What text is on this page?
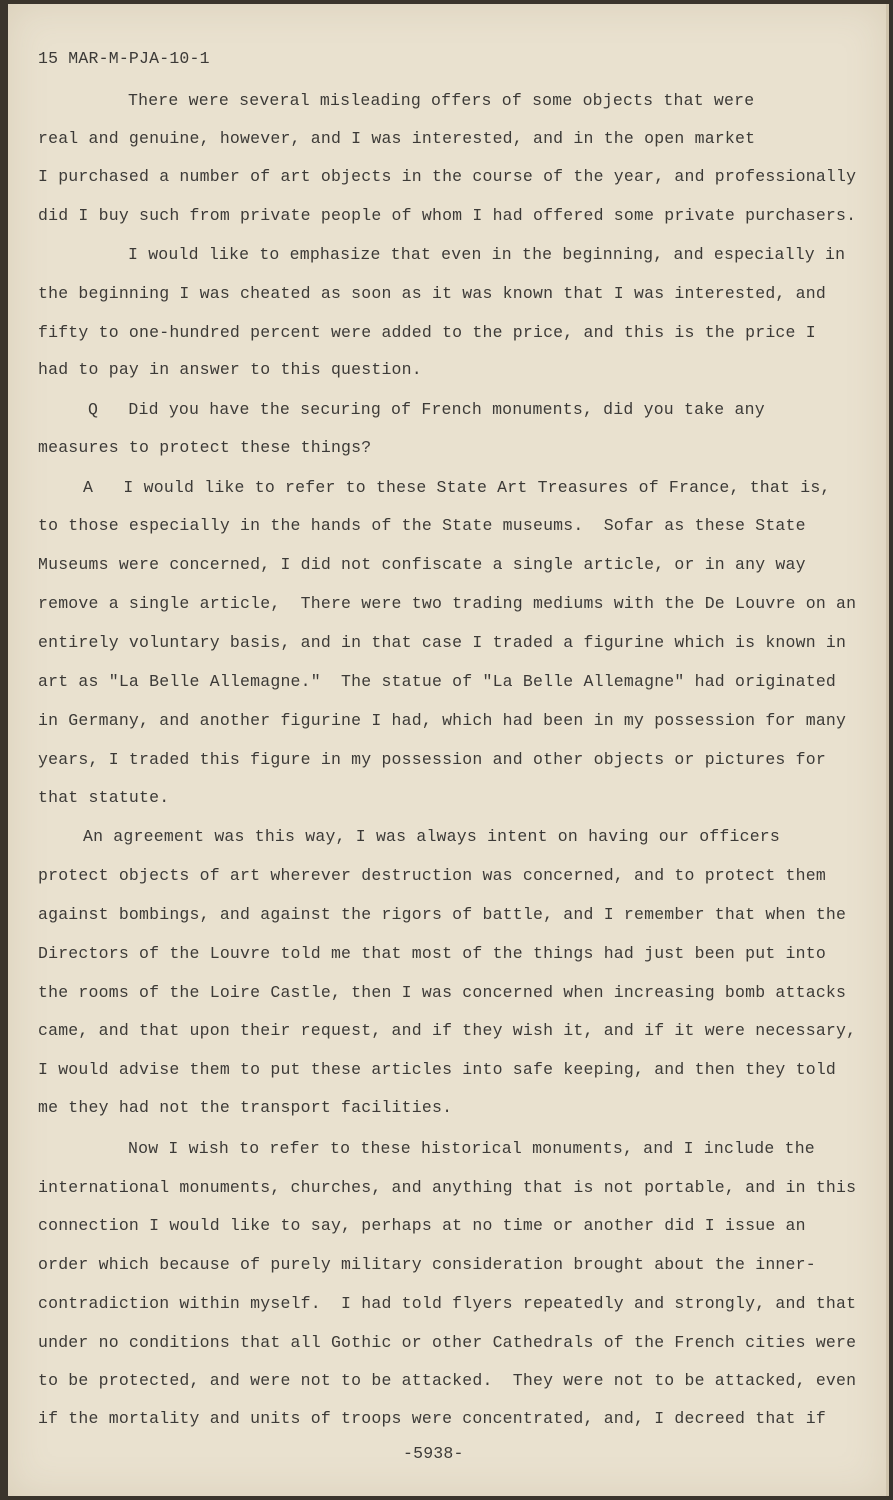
15 MAR-M-PJA-10-1
There were several misleading offers of some objects that were
real and genuine, however, and I was interested, and in the open market
I purchased a number of art objects in the course of the year, and professionally
did I buy such from private people of whom I had offered some private purchasers.
I would like to emphasize that even in the beginning, and especially in
the beginning I was cheated as soon as it was known that I was interested, and
fifty to one-hundred percent were added to the price, and this is the price I
had to pay in answer to this question.
Q   Did you have the securing of French monuments, did you take any
measures to protect these things?
A   I would like to refer to these State Art Treasures of France, that is,
to those especially in the hands of the State museums.  Sofar as these State
Museums were concerned, I did not confiscate a single article, or in any way
remove a single article,  There were two trading mediums with the De Louvre on an
entirely voluntary basis, and in that case I traded a figurine which is known in
art as "La Belle Allemagne."  The statue of "La Belle Allemagne" had originated
in Germany, and another figurine I had, which had been in my possession for many
years, I traded this figure in my possession and other objects or pictures for
that statute.
An agreement was this way, I was always intent on having our officers
protect objects of art wherever destruction was concerned, and to protect them
against bombings, and against the rigors of battle, and I remember that when the
Directors of the Louvre told me that most of the things had just been put into
the rooms of the Loire Castle, then I was concerned when increasing bomb attacks
came, and that upon their request, and if they wish it, and if it were necessary,
I would advise them to put these articles into safe keeping, and then they told
me they had not the transport facilities.
Now I wish to refer to these historical monuments, and I include the
international monuments, churches, and anything that is not portable, and in this
connection I would like to say, perhaps at no time or another did I issue an
order which because of purely military consideration brought about the inner-
contradiction within myself.  I had told flyers repeatedly and strongly, and that
under no conditions that all Gothic or other Cathedrals of the French cities were
to be protected, and were not to be attacked.  They were not to be attacked, even
if the mortality and units of troops were concentrated, and, I decreed that if
-5938-
